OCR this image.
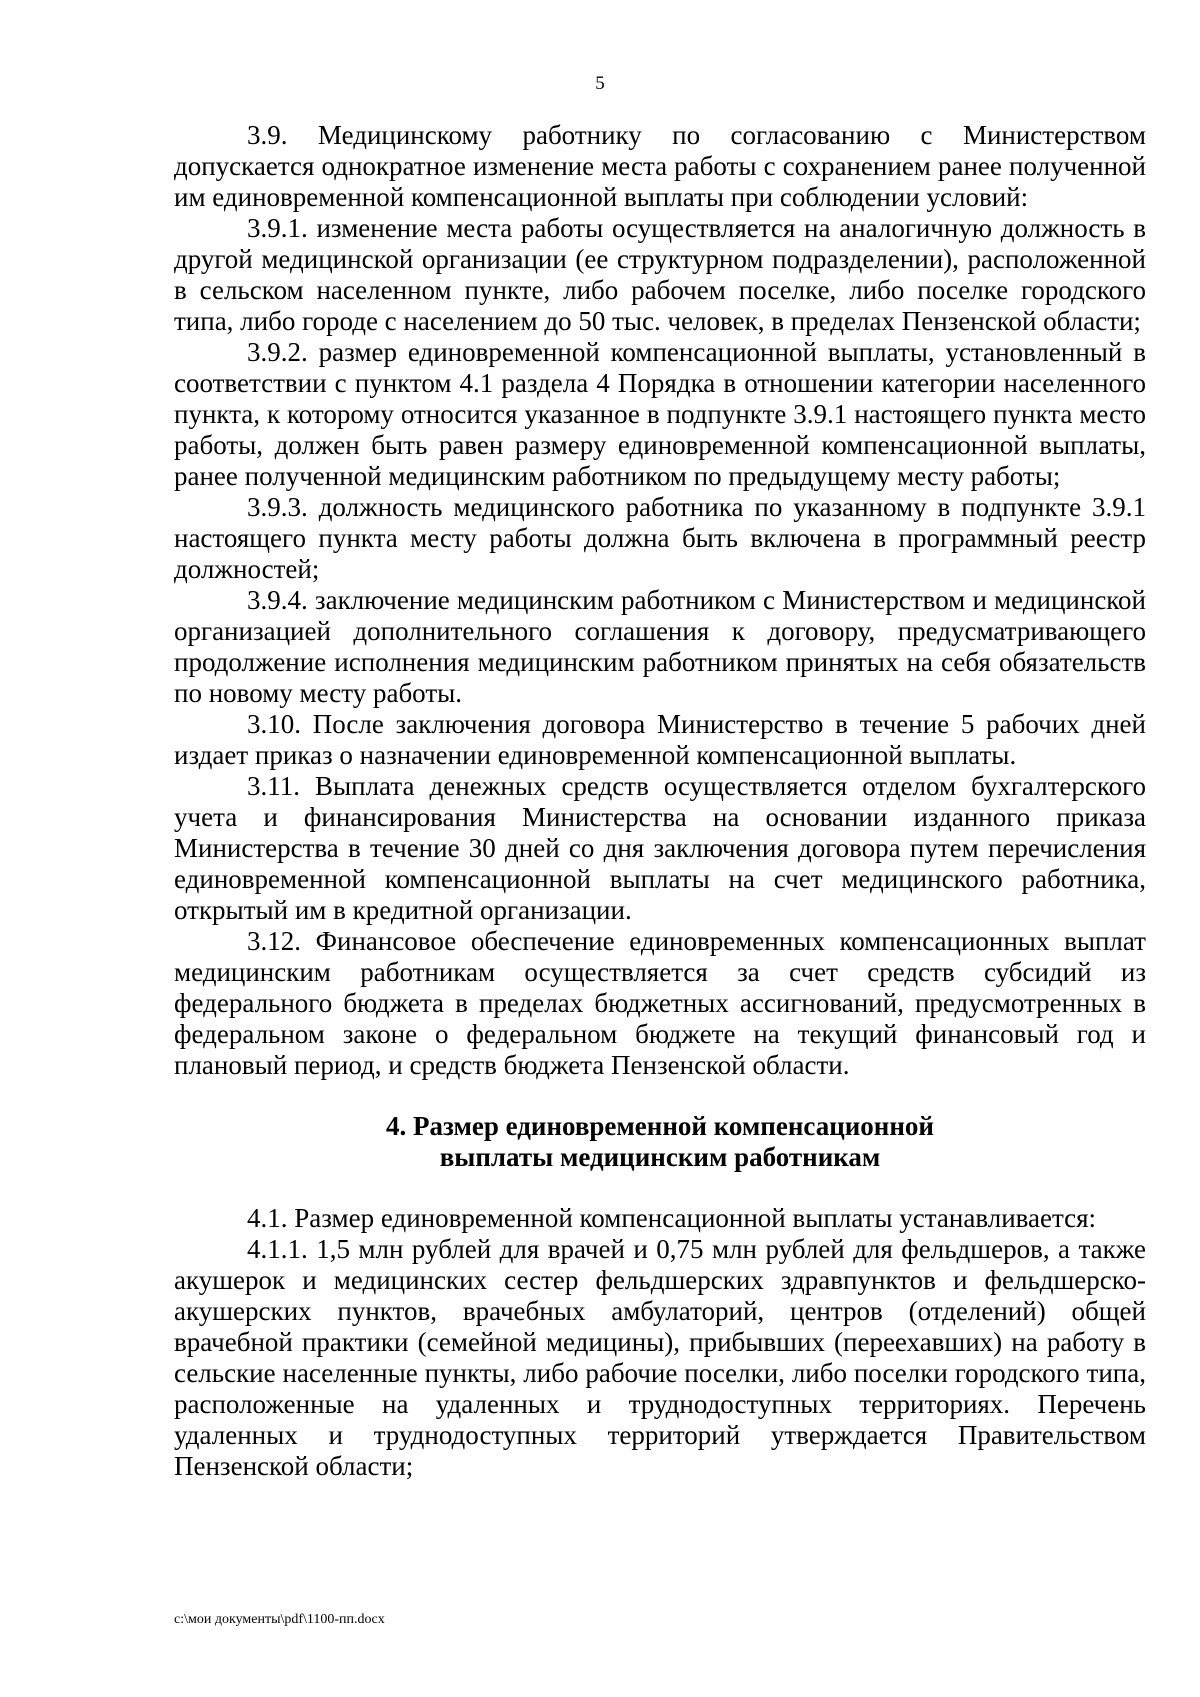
5

3.9. Медицинскому работнику по согласованию с Министерством допускается однократное изменение места работы с сохранением ранее полученной им единовременной компенсационной выплаты при соблюдении условий:

3.9.1. изменение места работы осуществляется на аналогичную должность в другой медицинской организации (ее структурном подразделении), расположенной в сельском населенном пункте, либо рабочем поселке, либо поселке городского типа, либо городе с населением до 50 тыс. человек, в пределах Пензенской области;

3.9.2. размер единовременной компенсационной выплаты, установленный в соответствии с пунктом 4.1 раздела 4 Порядка в отношении категории населенного пункта, к которому относится указанное в подпункте 3.9.1 настоящего пункта место работы, должен быть равен размеру единовременной компенсационной выплаты, ранее полученной медицинским работником по предыдущему месту работы;

3.9.3. должность медицинского работника по указанному в подпункте 3.9.1 настоящего пункта месту работы должна быть включена в программный реестр должностей;

3.9.4. заключение медицинским работником с Министерством и медицинской организацией дополнительного соглашения к договору, предусматривающего продолжение исполнения медицинским работником принятых на себя обязательств по новому месту работы.

3.10. После заключения договора Министерство в течение 5 рабочих дней издает приказ о назначении единовременной компенсационной выплаты.

3.11. Выплата денежных средств осуществляется отделом бухгалтерского учета и финансирования Министерства на основании изданного приказа Министерства в течение 30 дней со дня заключения договора путем перечисления единовременной компенсационной выплаты на счет медицинского работника, открытый им в кредитной организации.

3.12. Финансовое обеспечение единовременных компенсационных выплат медицинским работникам осуществляется за счет средств субсидий из федерального бюджета в пределах бюджетных ассигнований, предусмотренных в федеральном законе о федеральном бюджете на текущий финансовый год и плановый период, и средств бюджета Пензенской области.

4. Размер единовременной компенсационной
выплаты медицинским работникам

4.1. Размер единовременной компенсационной выплаты устанавливается:

4.1.1. 1,5 млн рублей для врачей и 0,75 млн рублей для фельдшеров, а также акушерок и медицинских сестер фельдшерских здравпунктов и фельдшерско-акушерских пунктов, врачебных амбулаторий, центров (отделений) общей врачебной практики (семейной медицины), прибывших (переехавших) на работу в сельские населенные пункты, либо рабочие поселки, либо поселки городского типа, расположенные на удаленных и труднодоступных территориях. Перечень удаленных и труднодоступных территорий утверждается Правительством Пензенской области;

c:\мои документы\pdf\1100-пп.docx
